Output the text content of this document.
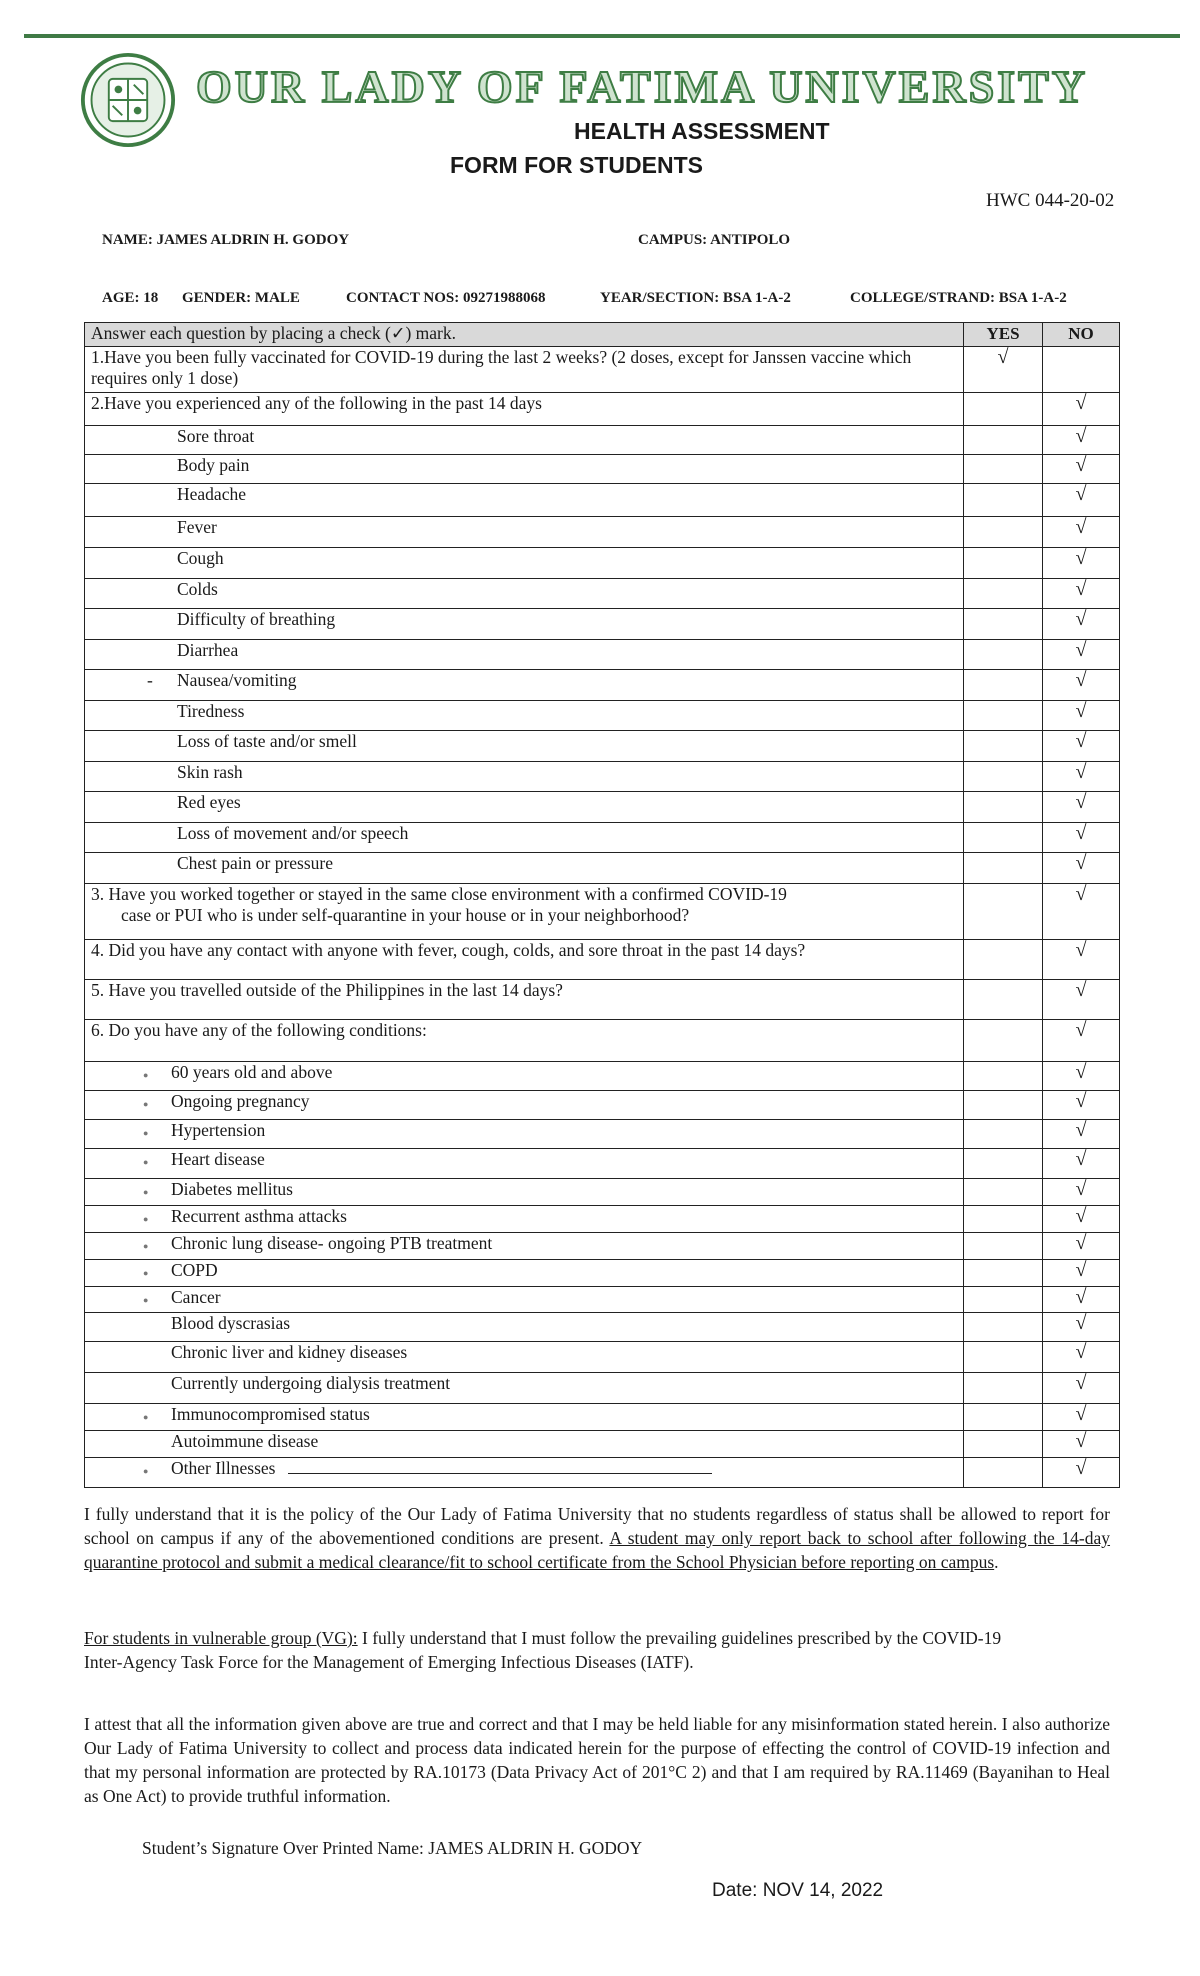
OUR LADY OF FATIMA UNIVERSITY
HEALTH ASSESSMENT
FORM FOR STUDENTS
HWC 044-20-02
NAME: JAMES ALDRIN H. GODOY	CAMPUS: ANTIPOLO
AGE: 18 GENDER: MALE	CONTACT NOS: 09271988068	YEAR/SECTION: BSA 1-A-2	COLLEGE/STRAND: BSA 1-A-2
Answer each question by placing a check (✓) mark.	YES	NO
1.Have you been fully vaccinated for COVID-19 during the last 2 weeks? (2 doses, except for Janssen vaccine which requires only 1 dose)	√	
2.Have you experienced any of the following in the past 14 days		√
Sore throat		√
Body pain		√
Headache		√
Fever		√
Cough		√
Colds		√
Difficulty of breathing		√
Diarrhea		√
- Nausea/vomiting		√
Tiredness		√
Loss of taste and/or smell		√
Skin rash		√
Red eyes		√
Loss of movement and/or speech		√
Chest pain or pressure		√

3. Have you worked together or stayed in the same close environment with a confirmed COVID-19
case or PUI who is under self-quarantine in your house or in your neighborhood?		√
4. Did you have any contact with anyone with fever, cough, colds, and sore throat in the past 14 days?		√
5. Have you travelled outside of the Philippines in the last 14 days?		√
6. Do you have any of the following conditions:		√
● 60 years old and above		√
● Ongoing pregnancy		√
● Hypertension		√
● Heart disease		√
● Diabetes mellitus		√
● Recurrent asthma attacks		√
● Chronic lung disease- ongoing PTB treatment		√
● COPD		√
● Cancer		√
Blood dyscrasias		√
Chronic liver and kidney diseases		√
Currently undergoing dialysis treatment		√
● Immunocompromised status		√
Autoimmune disease		√
● Other Illnesses		√
I fully understand that it is the policy of the Our Lady of Fatima University that no students regardless of status shall be allowed to report for school on campus if any of the abovementioned conditions are present. A student may only report back to school after following the 14-day quarantine protocol and submit a medical clearance/fit to school certificate from the School Physician before reporting on campus.
For students in vulnerable group (VG): I fully understand that I must follow the prevailing guidelines prescribed by the COVID-19
Inter-Agency Task Force for the Management of Emerging Infectious Diseases (IATF).
I attest that all the information given above are true and correct and that I may be held liable for any misinformation stated herein. I also authorize Our Lady of Fatima University to collect and process data indicated herein for the purpose of effecting the control of COVID-19 infection and that my personal information are protected by RA.10173 (Data Privacy Act of 201°C 2) and that I am required by RA.11469 (Bayanihan to Heal as One Act) to provide truthful information.
Student’s Signature Over Printed Name: JAMES ALDRIN H. GODOY
Date: NOV 14, 2022
